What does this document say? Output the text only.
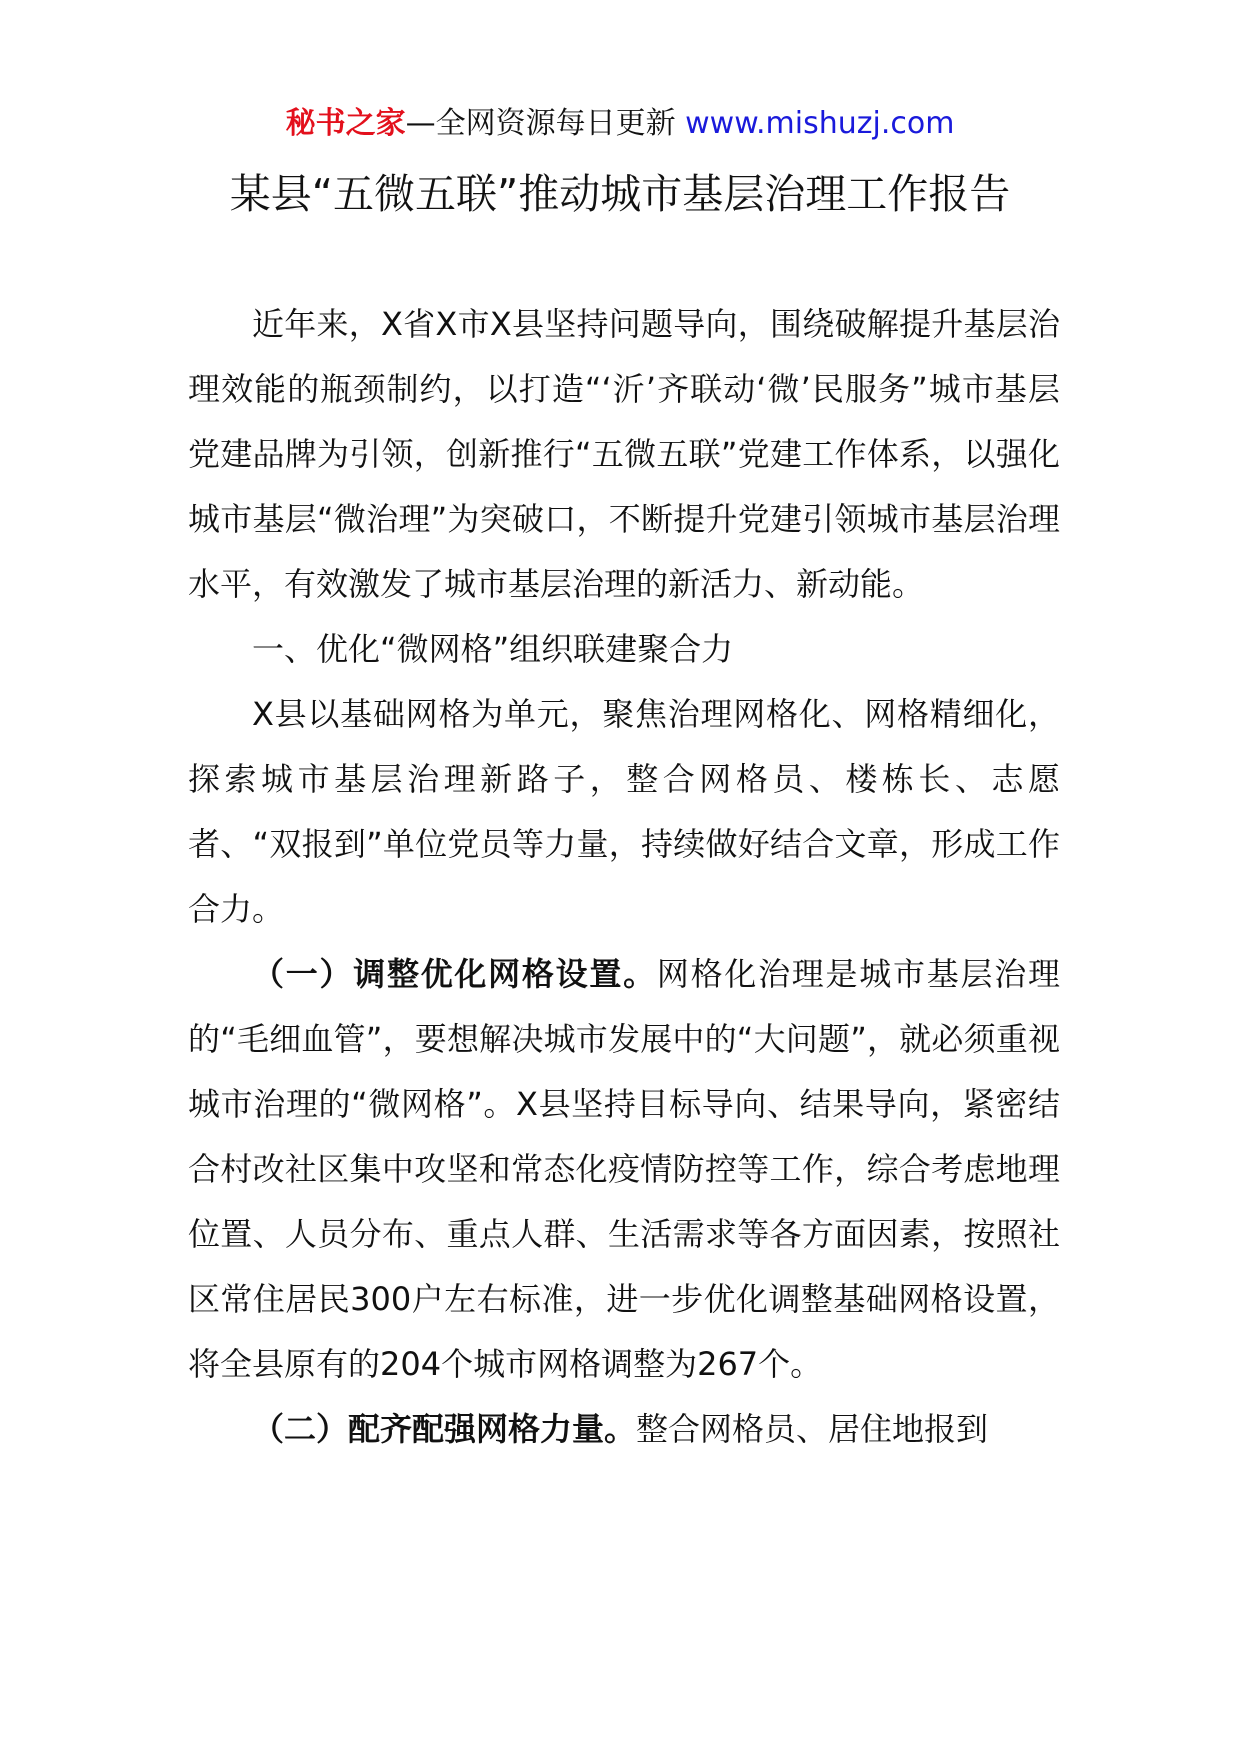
秘书之家—全网资源每日更新 www.mishuzj.com
某县“五微五联”推动城市基层治理工作报告

近年来，X省X市X县坚持问题导向，围绕破解提升基层治理效能的瓶颈制约，以打造“‘沂’齐联动‘微’民服务”城市基层党建品牌为引领，创新推行“五微五联”党建工作体系，以强化城市基层“微治理”为突破口，不断提升党建引领城市基层治理水平，有效激发了城市基层治理的新活力、新动能。

一、优化“微网格”组织联建聚合力

X县以基础网格为单元，聚焦治理网格化、网格精细化，探索城市基层治理新路子，整合网格员、楼栋长、志愿者、“双报到”单位党员等力量，持续做好结合文章，形成工作合力。

（一）调整优化网格设置。网格化治理是城市基层治理的“毛细血管”，要想解决城市发展中的“大问题”，就必须重视城市治理的“微网格”。X县坚持目标导向、结果导向，紧密结合村改社区集中攻坚和常态化疫情防控等工作，综合考虑地理位置、人员分布、重点人群、生活需求等各方面因素，按照社区常住居民300户左右标准，进一步优化调整基础网格设置，将全县原有的204个城市网格调整为267个。

（二）配齐配强网格力量。整合网格员、居住地报到
